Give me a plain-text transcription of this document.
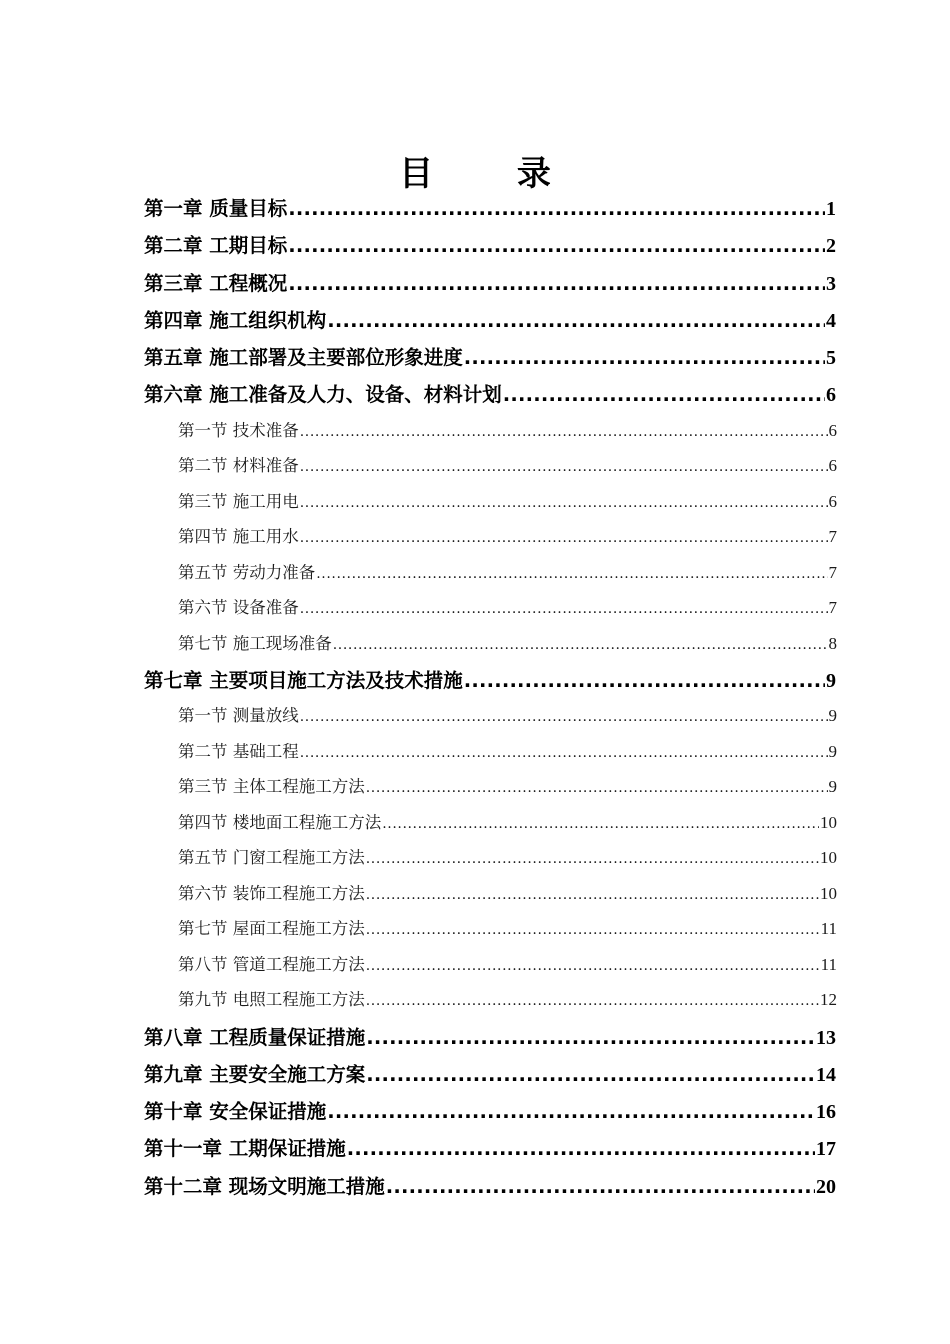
目 录
第一章 质量目标 .....	1
第二章 工期目标 .....	2
第三章 工程概况 .....	3
第四章 施工组织机构 .....	4
第五章 施工部署及主要部位形象进度 .....	5
第六章 施工准备及人力、设备、材料计划 .....	6
第一节 技术准备 .....	6
第二节 材料准备 .....	6
第三节 施工用电 .....	6
第四节 施工用水 .....	7
第五节 劳动力准备 .....	7
第六节 设备准备 .....	7
第七节 施工现场准备 .....	8
第七章 主要项目施工方法及技术措施 .....	9
第一节 测量放线 .....	9
第二节 基础工程 .....	9
第三节 主体工程施工方法 .....	9
第四节 楼地面工程施工方法 .....	10
第五节 门窗工程施工方法 .....	10
第六节 装饰工程施工方法 .....	10
第七节 屋面工程施工方法 .....	11
第八节 管道工程施工方法 .....	11
第九节 电照工程施工方法 .....	12
第八章 工程质量保证措施 .....	13
第九章 主要安全施工方案 .....	14
第十章 安全保证措施 .....	16
第十一章 工期保证措施 .....	17
第十二章 现场文明施工措施 .....	20
